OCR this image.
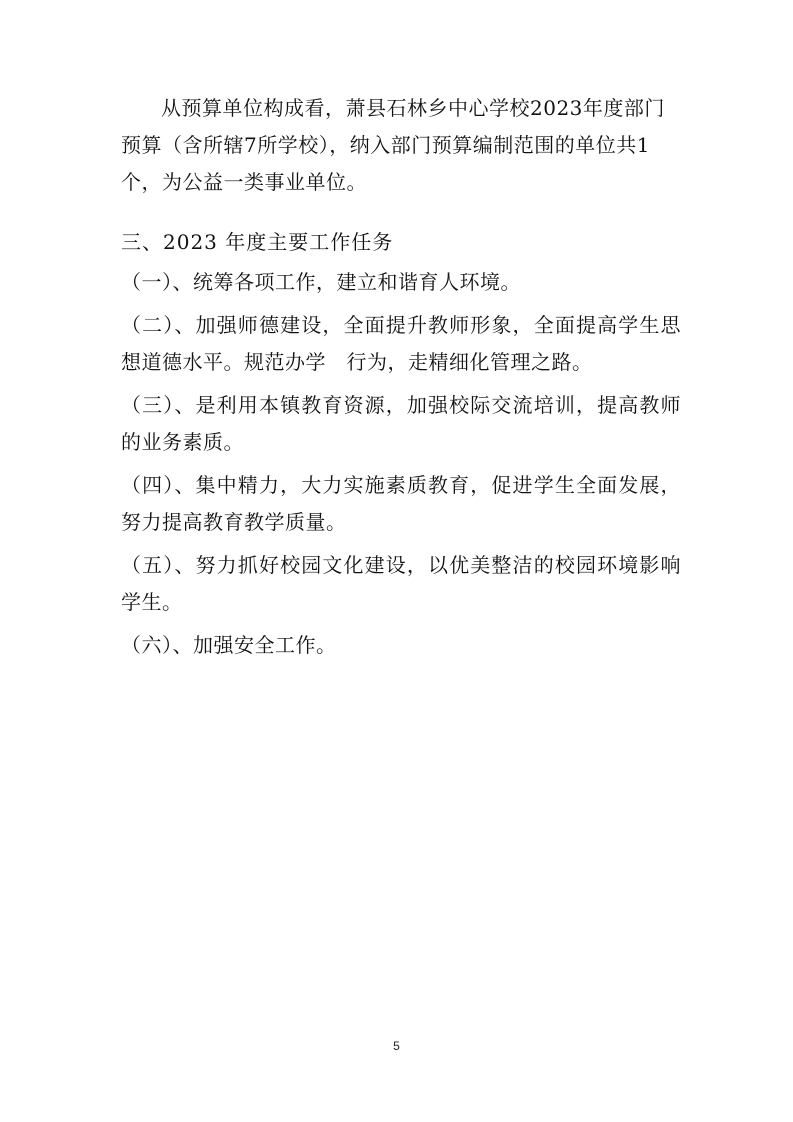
从预算单位构成看，萧县石林乡中心学校2023年度部门预算（含所辖7所学校），纳入部门预算编制范围的单位共1个，为公益一类事业单位。

三、2023 年度主要工作任务

（一）、统筹各项工作，建立和谐育人环境。

（二）、加强师德建设，全面提升教师形象，全面提高学生思想道德水平。规范办学　行为，走精细化管理之路。

（三）、是利用本镇教育资源，加强校际交流培训，提高教师的业务素质。

（四）、集中精力，大力实施素质教育，促进学生全面发展，努力提高教育教学质量。

（五）、努力抓好校园文化建设，以优美整洁的校园环境影响学生。

（六）、加强安全工作。

5
